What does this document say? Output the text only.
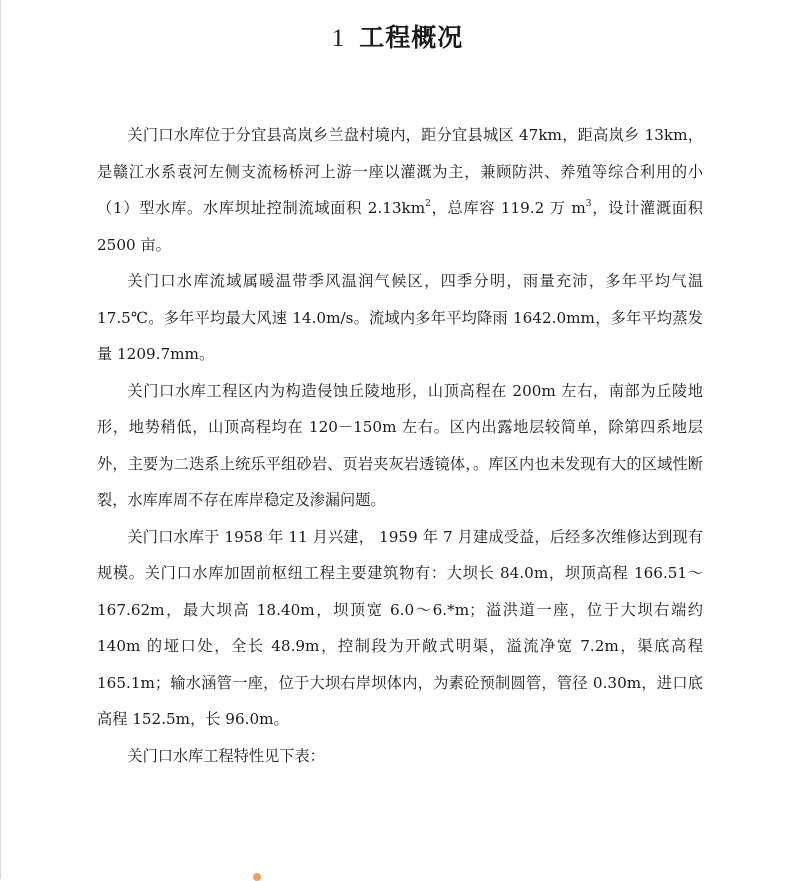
1 工程概况

关门口水库位于分宜县高岚乡兰盘村境内，距分宜县城区 47km，距高岚乡 13km，是赣江水系袁河左侧支流杨桥河上游一座以灌溉为主，兼顾防洪、养殖等综合利用的小（1）型水库。水库坝址控制流域面积 $2.13km^2$，总库容 119.2 万 $m^3$，设计灌溉面积 2500 亩。

关门口水库流域属暖温带季风温润气候区，四季分明，雨量充沛，多年平均气温 17.5℃。多年平均最大风速 14.0m/s。流域内多年平均降雨 1642.0mm，多年平均蒸发量 1209.7mm。

关门口水库工程区内为构造侵蚀丘陵地形，山顶高程在 200m 左右，南部为丘陵地形，地势稍低，山顶高程均在 120－150m 左右。区内出露地层较简单，除第四系地层外，主要为二迭系上统乐平组砂岩、页岩夹灰岩透镜体，。库区内也未发现有大的区域性断裂，水库库周不存在库岸稳定及渗漏问题。

关门口水库于 1958 年 11 月兴建， 1959 年 7 月建成受益，后经多次维修达到现有规模。关门口水库加固前枢纽工程主要建筑物有：大坝长 84.0m，坝顶高程 166.51～167.62m，最大坝高 18.40m，坝顶宽 6.0～6.*m；溢洪道一座，位于大坝右端约 140m 的垭口处，全长 48.9m，控制段为开敞式明渠，溢流净宽 7.2m，渠底高程 165.1m；输水涵管一座，位于大坝右岸坝体内，为素砼预制圆管，管径 0.30m，进口底高程 152.5m，长 96.0m。

关门口水库工程特性见下表：
